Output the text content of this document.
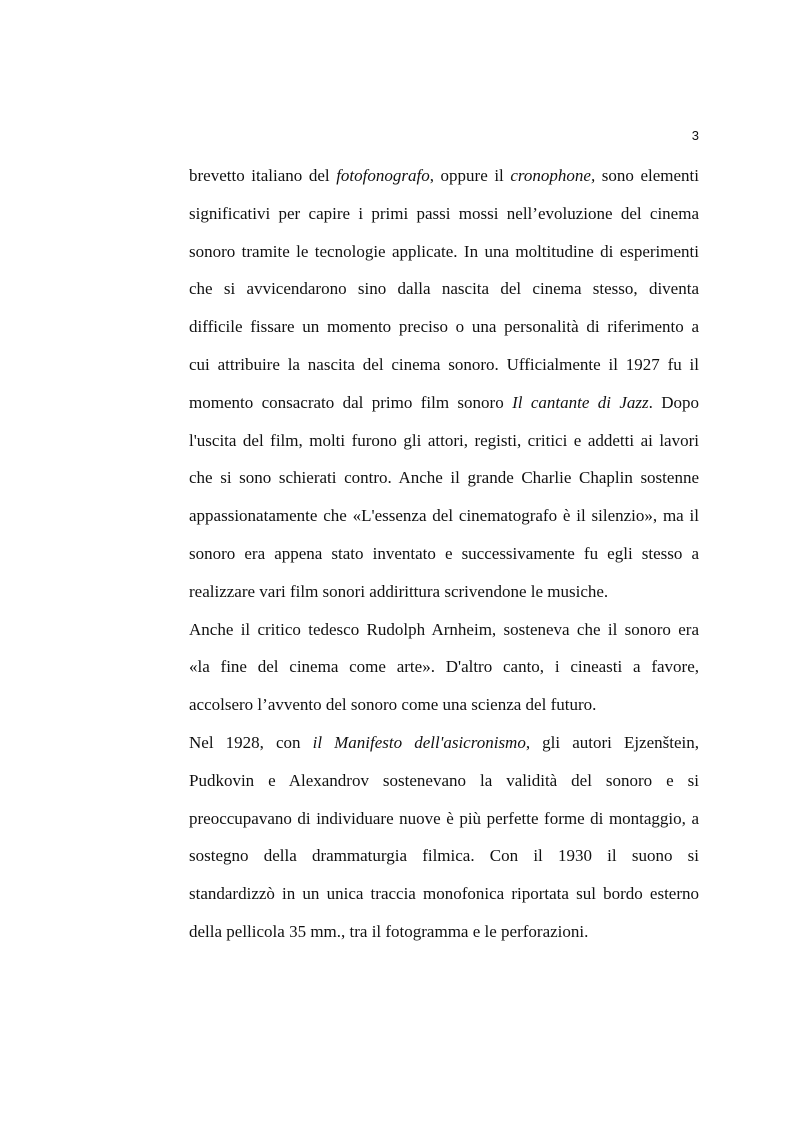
3
brevetto italiano del fotofonografo, oppure il cronophone, sono elementi
significativi per capire i primi passi mossi nell’evoluzione del cinema
sonoro tramite le tecnologie applicate. In una moltitudine di esperimenti
che si avvicendarono sino dalla nascita del cinema stesso, diventa
difficile fissare un momento preciso o una personalità di riferimento a
cui attribuire la nascita del cinema sonoro. Ufficialmente il 1927 fu il
momento consacrato dal primo film sonoro Il cantante di Jazz. Dopo
l'uscita del film, molti furono gli attori, registi, critici e addetti ai lavori
che si sono schierati contro. Anche il grande Charlie Chaplin sostenne
appassionatamente che «L'essenza del cinematografo è il silenzio», ma il
sonoro era appena stato inventato e successivamente fu egli stesso a
realizzare vari film sonori addirittura scrivendone le musiche.
Anche il critico tedesco Rudolph Arnheim, sosteneva che il sonoro era
«la fine del cinema come arte». D'altro canto, i cineasti a favore,
accolsero l’avvento del sonoro come una scienza del futuro.
Nel 1928, con il Manifesto dell'asicronismo, gli autori Ejzenštein,
Pudkovin e Alexandrov sostenevano la validità del sonoro e si
preoccupavano di individuare nuove è più perfette forme di montaggio, a
sostegno della drammaturgia filmica. Con il 1930 il suono si
standardizzò in un unica traccia monofonica riportata sul bordo esterno
della pellicola 35 mm., tra il fotogramma e le perforazioni.
